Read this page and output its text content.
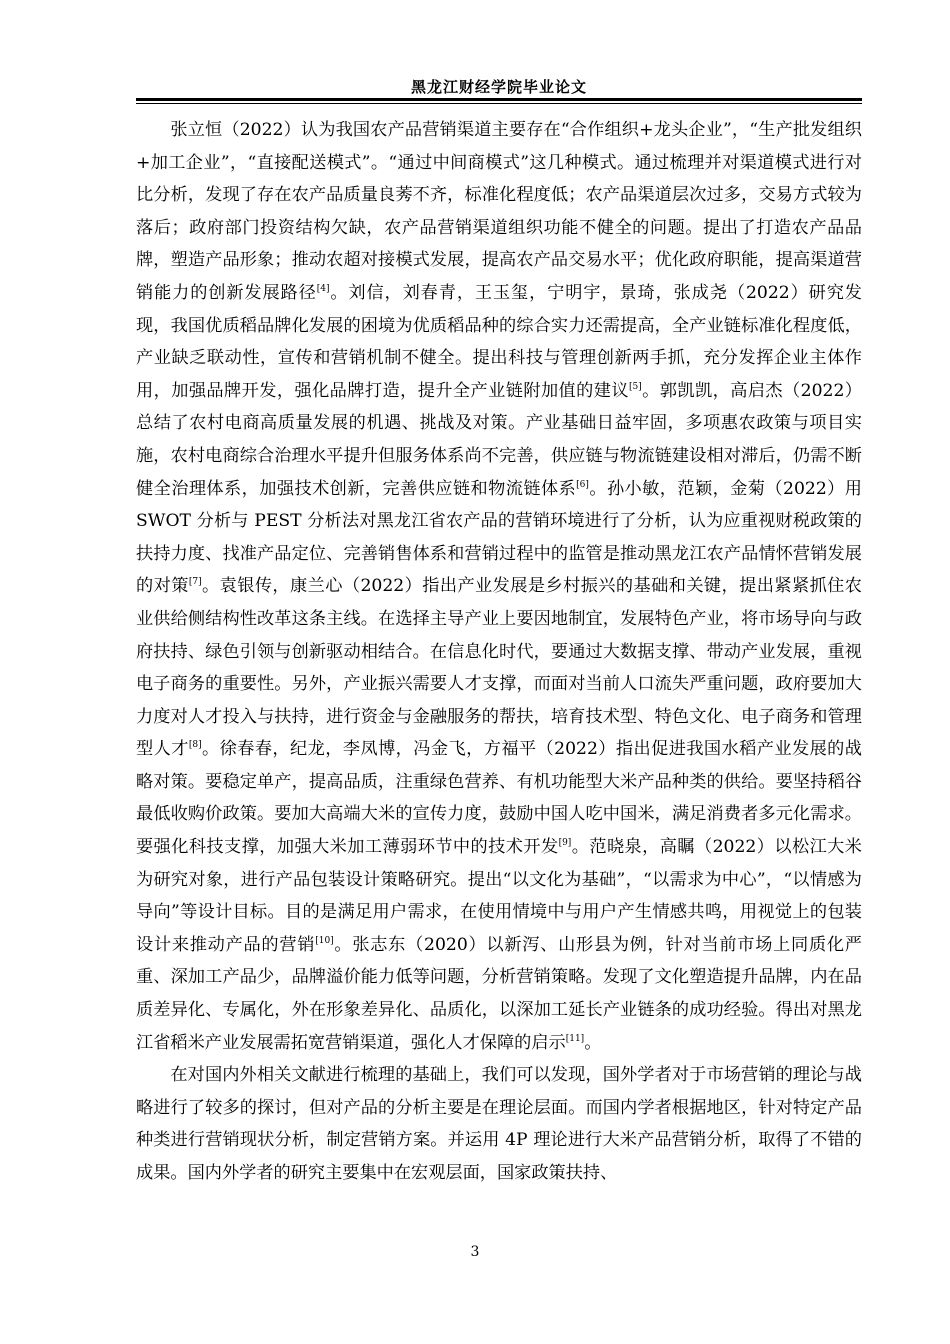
黑龙江财经学院毕业论文

张立恒（2022）认为我国农产品营销渠道主要存在“合作组织+龙头企业”，“生产批发组织+加工企业”，“直接配送模式”。“通过中间商模式”这几种模式。通过梳理并对渠道模式进行对比分析，发现了存在农产品质量良莠不齐，标准化程度低；农产品渠道层次过多，交易方式较为落后；政府部门投资结构欠缺，农产品营销渠道组织功能不健全的问题。提出了打造农产品品牌，塑造产品形象；推动农超对接模式发展，提高农产品交易水平；优化政府职能，提高渠道营销能力的创新发展路径[4]。刘信，刘春青，王玉玺，宁明宇，景琦，张成尧（2022）研究发现，我国优质稻品牌化发展的困境为优质稻品种的综合实力还需提高，全产业链标准化程度低，产业缺乏联动性，宣传和营销机制不健全。提出科技与管理创新两手抓，充分发挥企业主体作用，加强品牌开发，强化品牌打造，提升全产业链附加值的建议[5]。郭凯凯，高启杰（2022）总结了农村电商高质量发展的机遇、挑战及对策。产业基础日益牢固，多项惠农政策与项目实施，农村电商综合治理水平提升但服务体系尚不完善，供应链与物流链建设相对滞后，仍需不断健全治理体系，加强技术创新，完善供应链和物流链体系[6]。孙小敏，范颖，金菊（2022）用 SWOT 分析与 PEST 分析法对黑龙江省农产品的营销环境进行了分析，认为应重视财税政策的扶持力度、找准产品定位、完善销售体系和营销过程中的监管是推动黑龙江农产品情怀营销发展的对策[7]。袁银传，康兰心（2022）指出产业发展是乡村振兴的基础和关键，提出紧紧抓住农业供给侧结构性改革这条主线。在选择主导产业上要因地制宜，发展特色产业，将市场导向与政府扶持、绿色引领与创新驱动相结合。在信息化时代，要通过大数据支撑、带动产业发展，重视电子商务的重要性。另外，产业振兴需要人才支撑，而面对当前人口流失严重问题，政府要加大力度对人才投入与扶持，进行资金与金融服务的帮扶，培育技术型、特色文化、电子商务和管理型人才[8]。徐春春，纪龙，李凤博，冯金飞，方福平（2022）指出促进我国水稻产业发展的战略对策。要稳定单产，提高品质，注重绿色营养、有机功能型大米产品种类的供给。要坚持稻谷最低收购价政策。要加大高端大米的宣传力度，鼓励中国人吃中国米，满足消费者多元化需求。要强化科技支撑，加强大米加工薄弱环节中的技术开发[9]。范晓泉，高瞩（2022）以松江大米为研究对象，进行产品包装设计策略研究。提出“以文化为基础”，“以需求为中心”，“以情感为导向”等设计目标。目的是满足用户需求，在使用情境中与用户产生情感共鸣，用视觉上的包装设计来推动产品的营销[10]。张志东（2020）以新泻、山形县为例，针对当前市场上同质化严重、深加工产品少，品牌溢价能力低等问题，分析营销策略。发现了文化塑造提升品牌，内在品质差异化、专属化，外在形象差异化、品质化，以深加工延长产业链条的成功经验。得出对黑龙江省稻米产业发展需拓宽营销渠道，强化人才保障的启示[11]。

在对国内外相关文献进行梳理的基础上，我们可以发现，国外学者对于市场营销的理论与战略进行了较多的探讨，但对产品的分析主要是在理论层面。而国内学者根据地区，针对特定产品种类进行营销现状分析，制定营销方案。并运用 4P 理论进行大米产品营销分析，取得了不错的成果。国内外学者的研究主要集中在宏观层面，国家政策扶持、

3
